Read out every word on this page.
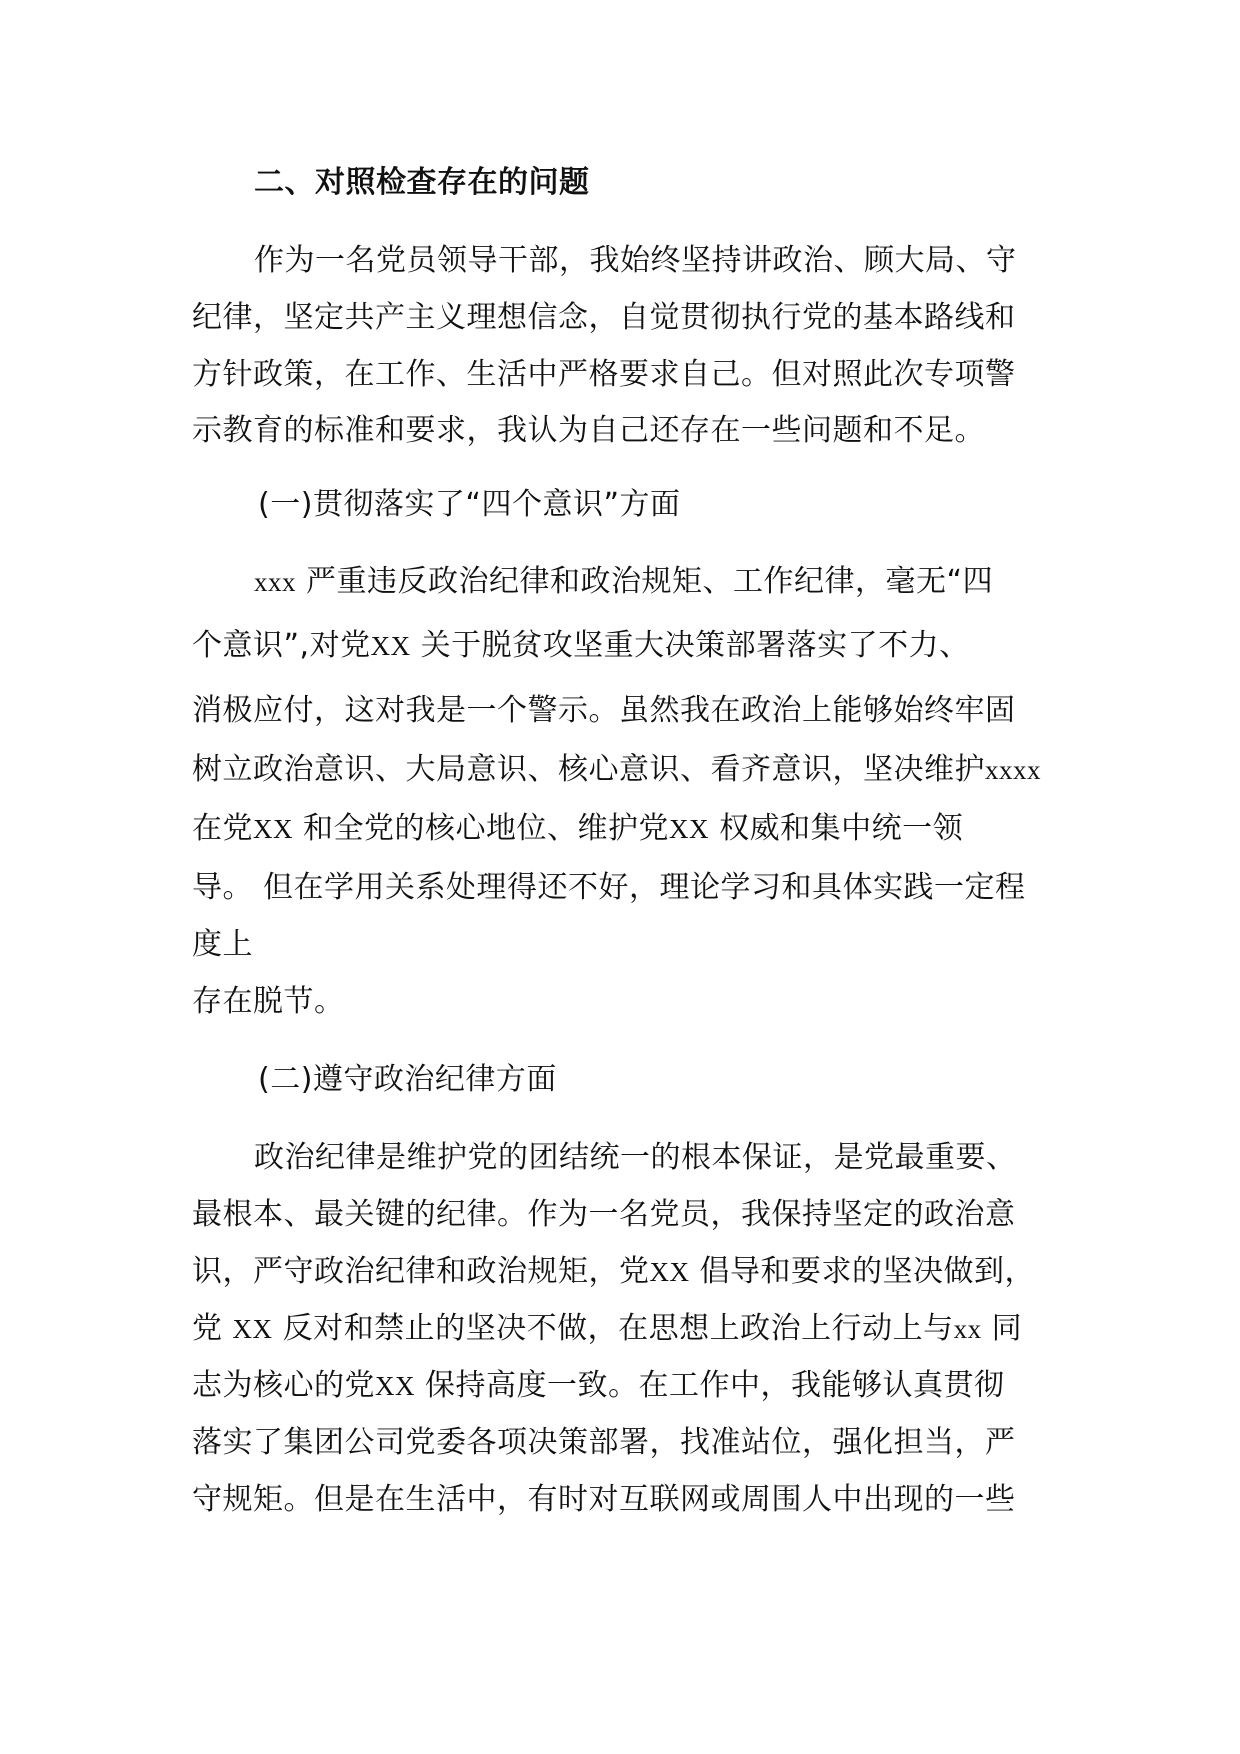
二、对照检查存在的问题
作为一名党员领导干部，我始终坚持讲政治、顾大局、守
纪律，坚定共产主义理想信念，自觉贯彻执行党的基本路线和
方针政策，在工作、生活中严格要求自己。但对照此次专项警
示教育的标准和要求，我认为自己还存在一些问题和不足。
(一)贯彻落实了“四个意识”方面
xxx 严重违反政治纪律和政治规矩、工作纪律，毫无“四
个意识”,对党XX 关于脱贫攻坚重大决策部署落实了不力、
消极应付，这对我是一个警示。虽然我在政治上能够始终牢固
树立政治意识、大局意识、核心意识、看齐意识，坚决维护xxxx
在党XX 和全党的核心地位、维护党XX 权威和集中统一领
导。 但在学用关系处理得还不好，理论学习和具体实践一定程
度上
存在脱节。
(二)遵守政治纪律方面
政治纪律是维护党的团结统一的根本保证，是党最重要、
最根本、最关键的纪律。作为一名党员，我保持坚定的政治意
识，严守政治纪律和政治规矩，党XX 倡导和要求的坚决做到，
党 XX 反对和禁止的坚决不做，在思想上政治上行动上与xx 同
志为核心的党XX 保持高度一致。在工作中，我能够认真贯彻
落实了集团公司党委各项决策部署，找准站位，强化担当，严
守规矩。但是在生活中，有时对互联网或周围人中出现的一些
